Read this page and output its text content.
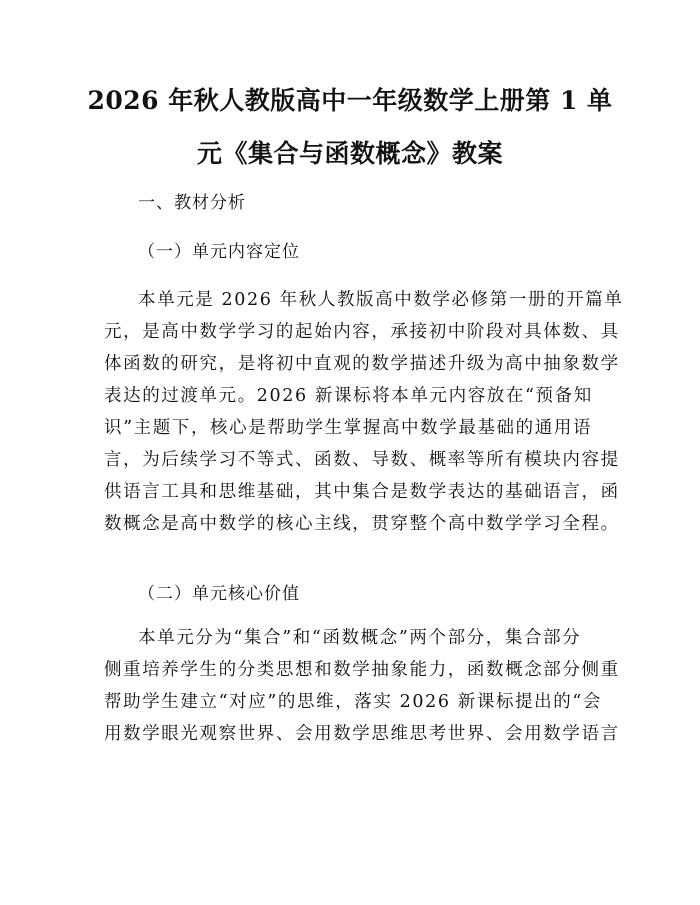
2026 年秋人教版高中一年级数学上册第 1 单
元《集合与函数概念》教案
一、教材分析
（一）单元内容定位
本单元是 2026 年秋人教版高中数学必修第一册的开篇单
元，是高中数学学习的起始内容，承接初中阶段对具体数、具
体函数的研究，是将初中直观的数学描述升级为高中抽象数学
表达的过渡单元。2026 新课标将本单元内容放在“预备知
识”主题下，核心是帮助学生掌握高中数学最基础的通用语
言，为后续学习不等式、函数、导数、概率等所有模块内容提
供语言工具和思维基础，其中集合是数学表达的基础语言，函
数概念是高中数学的核心主线，贯穿整个高中数学学习全程。
（二）单元核心价值
本单元分为“集合”和“函数概念”两个部分，集合部分
侧重培养学生的分类思想和数学抽象能力，函数概念部分侧重
帮助学生建立“对应”的思维，落实 2026 新课标提出的“会
用数学眼光观察世界、会用数学思维思考世界、会用数学语言
